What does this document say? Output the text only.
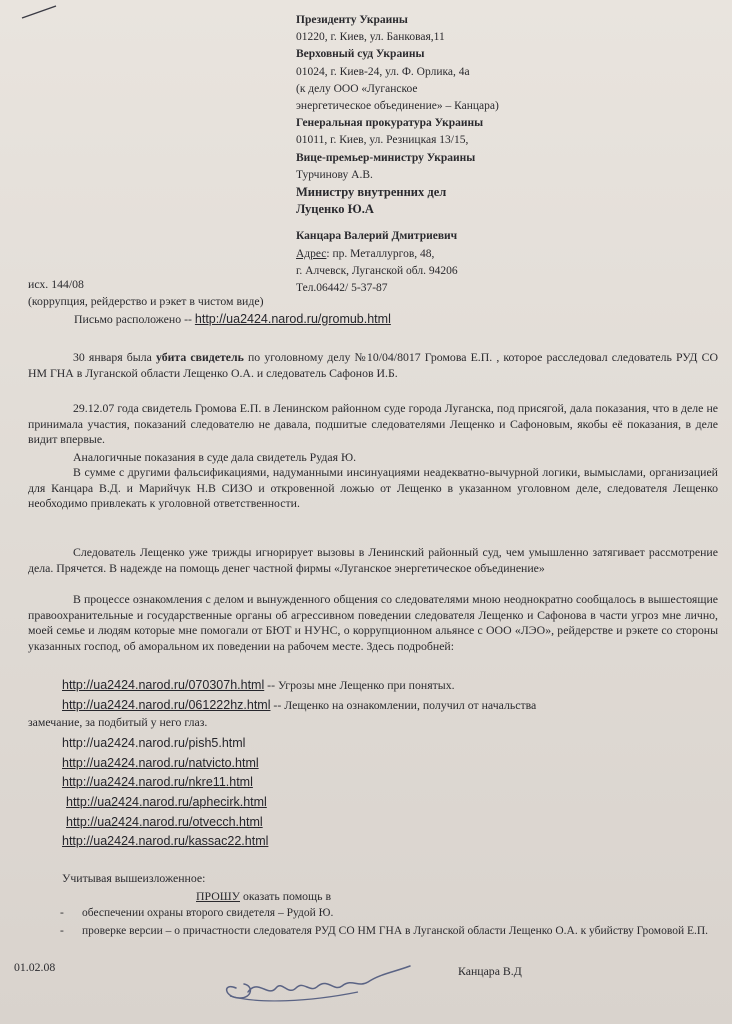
Президенту Украины
01220, г. Киев, ул. Банковая,11
Верховный суд Украины
01024, г. Киев-24, ул. Ф. Орлика, 4а
(к делу ООО «Луганское
энергетическое объединение» – Канцара)
Генеральная прокуратура Украины
01011, г. Киев, ул. Резницкая 13/15,
Вице-премьер-министру Украины
Турчинову А.В.
Министру внутренних дел
Луценко Ю.А
Канцара Валерий Дмитриевич
Адрес: пр. Металлургов, 48,
г. Алчевск, Луганской обл. 94206
Тел.06442/ 5-37-87
исх. 144/08
(коррупция, рейдерство и рэкет в чистом виде)
Письмо расположено -- http://ua2424.narod.ru/gromub.html
30 января была убита свидетель по уголовному делу №10/04/8017 Громова Е.П. , которое расследовал следователь РУД СО НМ ГНА в Луганской области Лещенко О.А. и следователь Сафонов И.Б.
29.12.07 года свидетель Громова Е.П. в Ленинском районном суде города Луганска, под присягой, дала показания, что в деле не принимала участия, показаний следователю не давала, подшитые следователями Лещенко и Сафоновым, якобы её показания, в деле видит впервые.
Аналогичные показания в суде дала свидетель Рудая Ю.
В сумме с другими фальсификациями, надуманными инсинуациями неадекватно-вычурной логики, вымыслами, организацией для Канцара В.Д. и Марийчук Н.В СИЗО и откровенной ложью от Лещенко в указанном уголовном деле, следователя Лещенко необходимо привлекать к уголовной ответственности.
Следователь Лещенко уже трижды игнорирует вызовы в Ленинский районный суд, чем умышленно затягивает рассмотрение дела. Прячется. В надежде на помощь денег частной фирмы «Луганское энергетическое объединение»
В процессе ознакомления с делом и вынужденного общения со следователями мною неоднократно сообщалось в вышестоящие правоохранительные и государственные органы об агрессивном поведении следователя Лещенко и Сафонова в части угроз мне лично, моей семье и людям которые мне помогали от БЮТ и НУНС, о коррупционном альянсе с ООО «ЛЭО», рейдерстве и рэкете со стороны указанных господ, об аморальном их поведении на рабочем месте. Здесь подробней:
http://ua2424.narod.ru/070307h.html -- Угрозы мне Лещенко при понятых.
http://ua2424.narod.ru/061222hz.html -- Лещенко на ознакомлении, получил от начальства
замечание, за подбитый у него глаз.
http://ua2424.narod.ru/pish5.html
http://ua2424.narod.ru/natvicto.html
http://ua2424.narod.ru/nkre11.html
http://ua2424.narod.ru/aphecirk.html
http://ua2424.narod.ru/otvecch.html
http://ua2424.narod.ru/kassac22.html
Учитывая вышеизложенное:
ПРОШУ оказать помощь в
- обеспечении охраны второго свидетеля – Рудой Ю.
- проверке версии – о причастности следователя РУД СО НМ ГНА в Луганской области Лещенко О.А. к убийству Громовой Е.П.
01.02.08	Канцара В.Д
